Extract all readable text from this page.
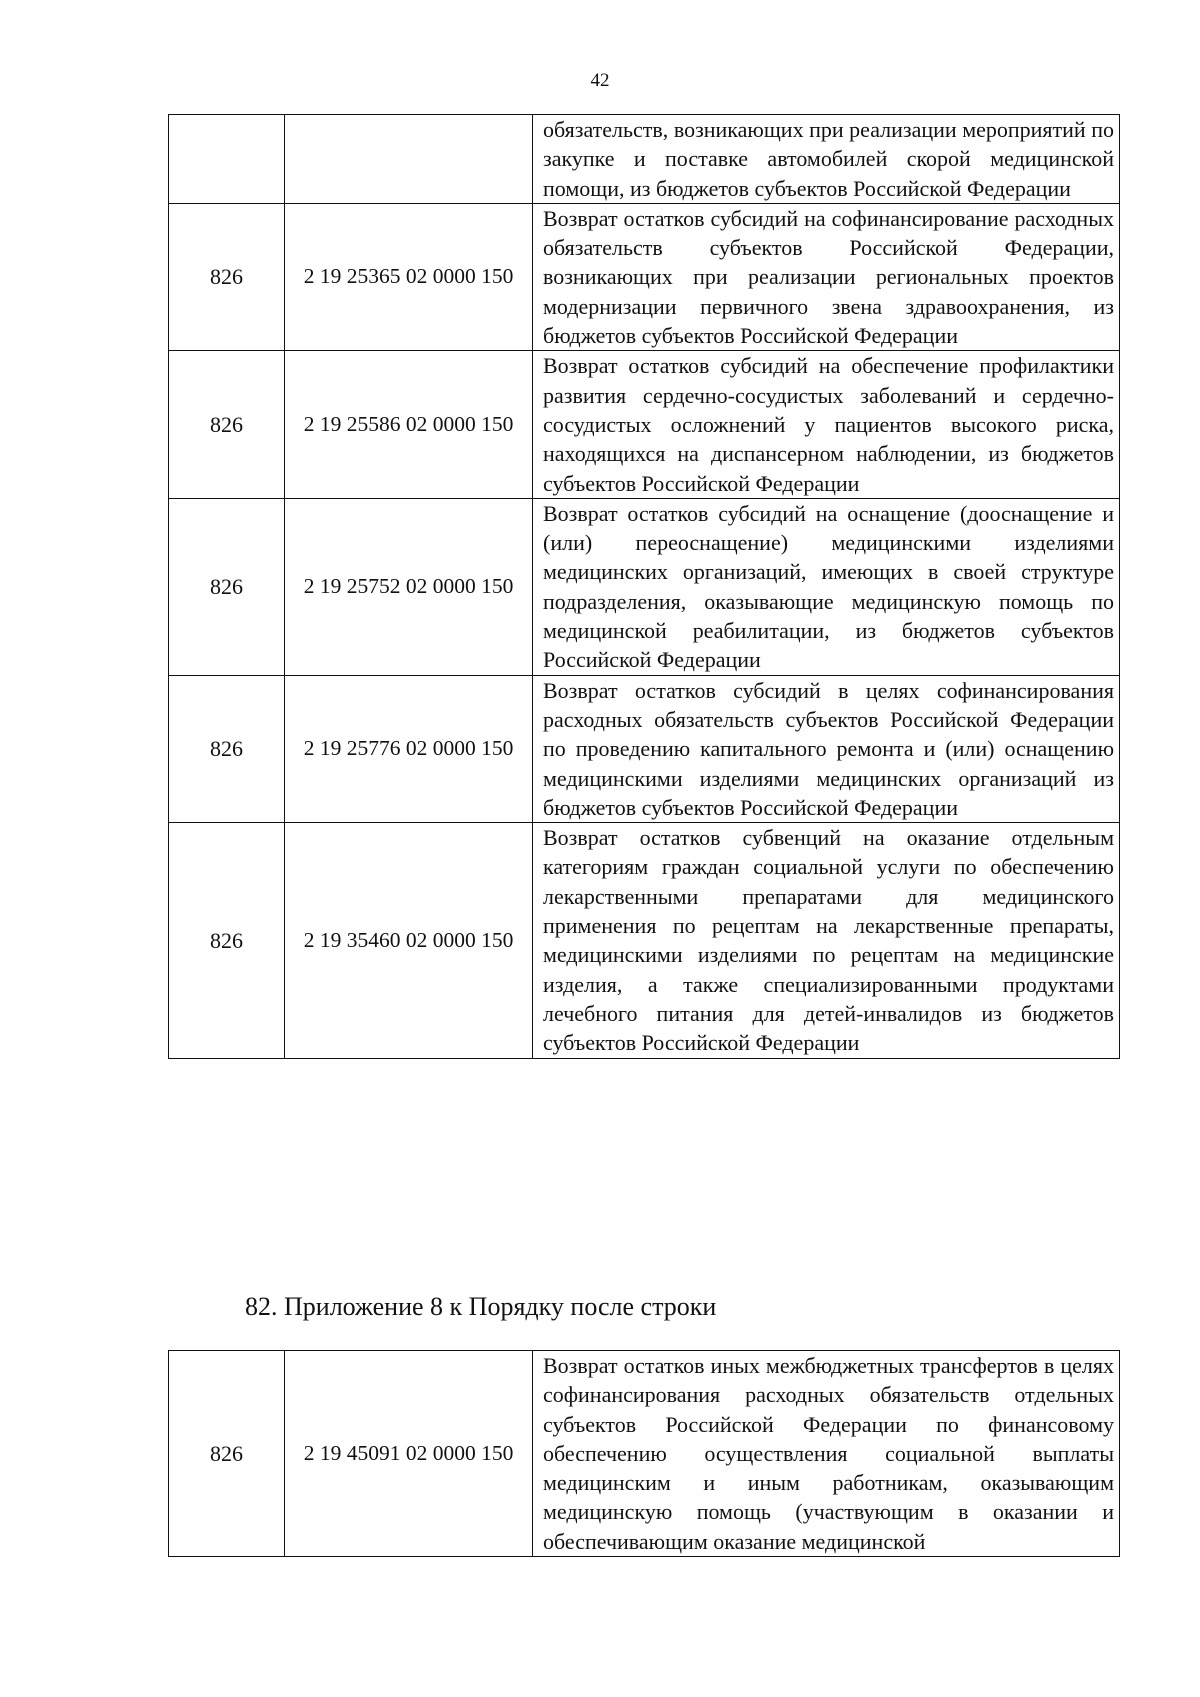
42
		обязательств, возникающих при реализации мероприятий по закупке и поставке автомобилей скорой медицинской помощи, из бюджетов субъектов Российской Федерации
826	2 19 25365 02 0000 150	Возврат остатков субсидий на софинансирование расходных обязательств субъектов Российской Федерации, возникающих при реализации региональных проектов модернизации первичного звена здравоохранения, из бюджетов субъектов Российской Федерации
826	2 19 25586 02 0000 150	Возврат остатков субсидий на обеспечение профилактики развития сердечно-сосудистых заболеваний и сердечно-сосудистых осложнений у пациентов высокого риска, находящихся на диспансерном наблюдении, из бюджетов субъектов Российской Федерации
826	2 19 25752 02 0000 150	Возврат остатков субсидий на оснащение (дооснащение и (или) переоснащение) медицинскими изделиями медицинских организаций, имеющих в своей структуре подразделения, оказывающие медицинскую помощь по медицинской реабилитации, из бюджетов субъектов Российской Федерации
826	2 19 25776 02 0000 150	Возврат остатков субсидий в целях софинансирования расходных обязательств субъектов Российской Федерации по проведению капитального ремонта и (или) оснащению медицинскими изделиями медицинских организаций из бюджетов субъектов Российской Федерации
826	2 19 35460 02 0000 150	Возврат остатков субвенций на оказание отдельным категориям граждан социальной услуги по обеспечению лекарственными препаратами для медицинского применения по рецептам на лекарственные препараты, медицинскими изделиями по рецептам на медицинские изделия, а также специализированными продуктами лечебного питания для детей-инвалидов из бюджетов субъектов Российской Федерации
82. Приложение 8 к Порядку после строки
826	2 19 45091 02 0000 150	Возврат остатков иных межбюджетных трансфертов в целях софинансирования расходных обязательств отдельных субъектов Российской Федерации по финансовому обеспечению осуществления социальной выплаты медицинским и иным работникам, оказывающим медицинскую помощь (участвующим в оказании и обеспечивающим оказание медицинской
